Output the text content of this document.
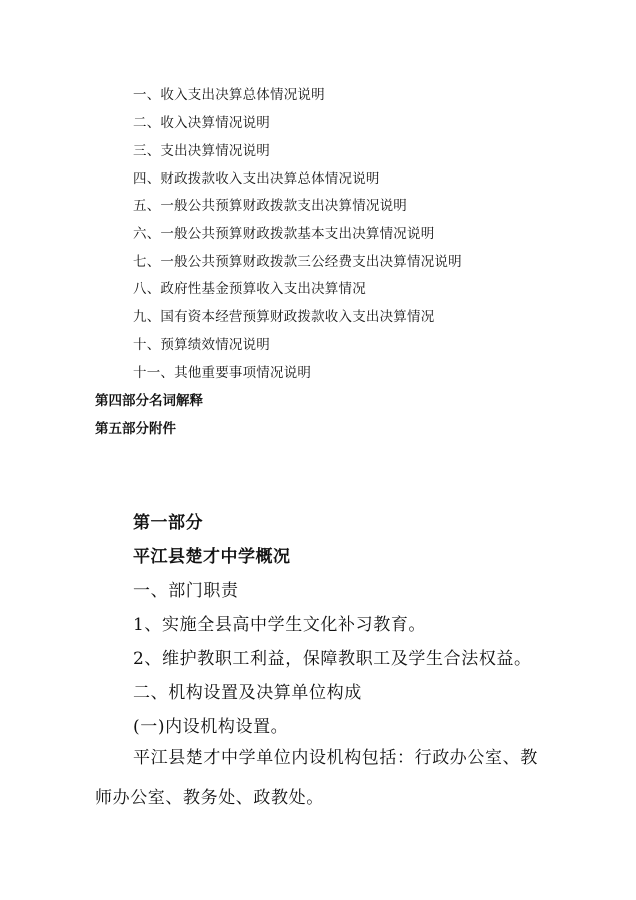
一、收入支出决算总体情况说明
二、收入决算情况说明
三、支出决算情况说明
四、财政拨款收入支出决算总体情况说明
五、一般公共预算财政拨款支出决算情况说明
六、一般公共预算财政拨款基本支出决算情况说明
七、一般公共预算财政拨款三公经费支出决算情况说明
八、政府性基金预算收入支出决算情况
九、国有资本经营预算财政拨款收入支出决算情况
十、预算绩效情况说明
十一、其他重要事项情况说明
第四部分名词解释
第五部分附件
第一部分
平江县楚才中学概况
一、部门职责
1、实施全县高中学生文化补习教育。
2、维护教职工利益，保障教职工及学生合法权益。
二、机构设置及决算单位构成
(一)内设机构设置。
平江县楚才中学单位内设机构包括：行政办公室、教师办公室、教务处、政教处。
